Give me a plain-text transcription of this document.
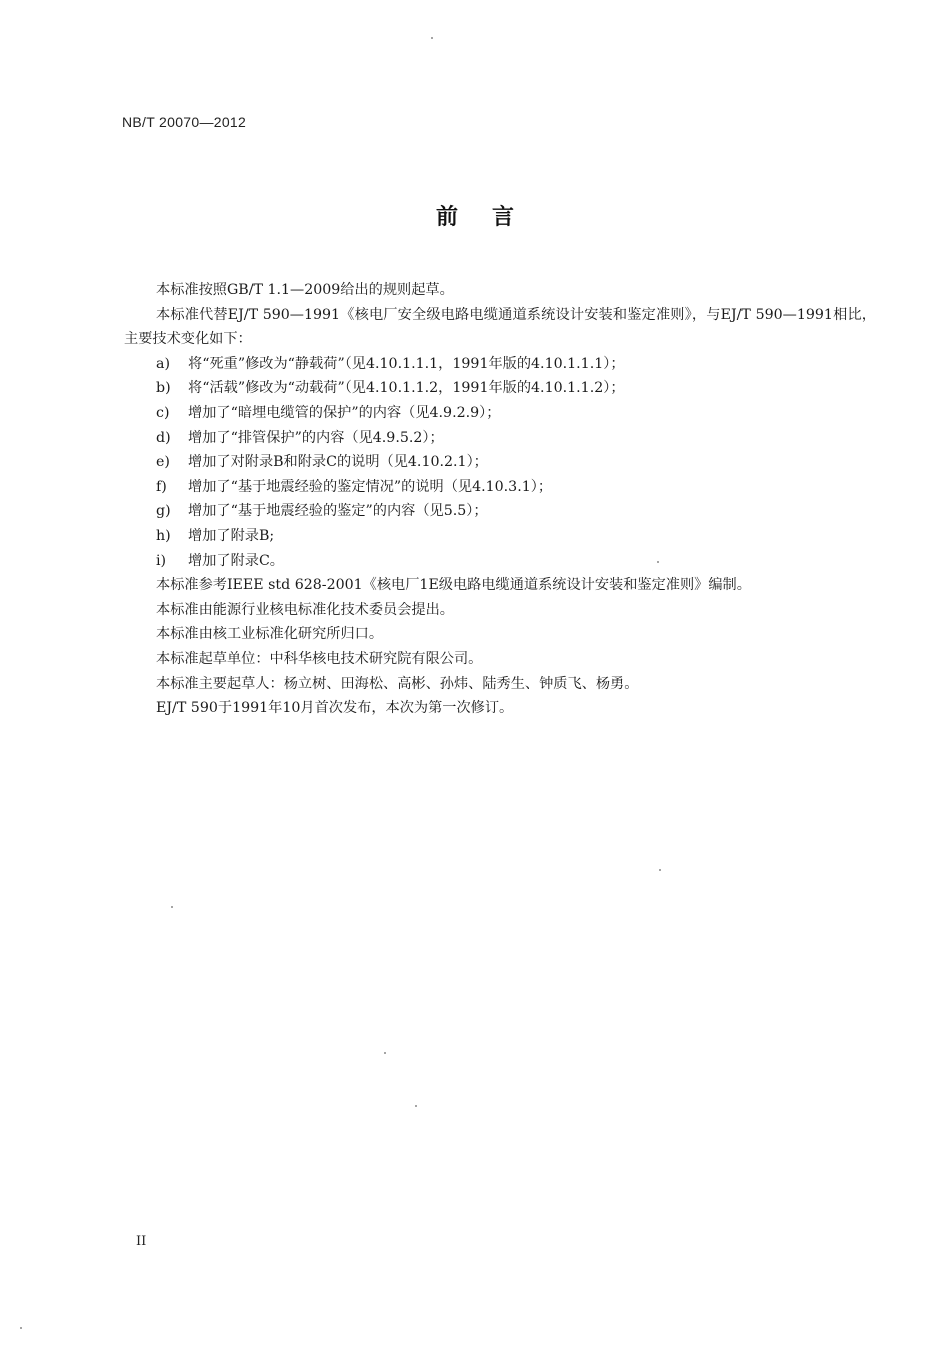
NB/T 20070—2012
前言

本标准按照GB/T 1.1—2009给出的规则起草。

本标准代替EJ/T 590—1991《核电厂安全级电路电缆通道系统设计安装和鉴定准则》，与EJ/T 590—1991相比，主要技术变化如下：

a) 将“死重”修改为“静载荷”（见4.10.1.1.1，1991年版的4.10.1.1.1）；

b) 将“活载”修改为“动载荷”（见4.10.1.1.2，1991年版的4.10.1.1.2）；

c) 增加了“暗埋电缆管的保护”的内容（见4.9.2.9）；

d) 增加了“排管保护”的内容（见4.9.5.2）；

e) 增加了对附录B和附录C的说明（见4.10.2.1）；

f) 增加了“基于地震经验的鉴定情况”的说明（见4.10.3.1）；

g) 增加了“基于地震经验的鉴定”的内容（见5.5）；

h) 增加了附录B;

i) 增加了附录C。

本标准参考IEEE std 628-2001《核电厂1E级电路电缆通道系统设计安装和鉴定准则》编制。

本标准由能源行业核电标准化技术委员会提出。

本标准由核工业标准化研究所归口。

本标准起草单位：中科华核电技术研究院有限公司。

本标准主要起草人：杨立树、田海松、高彬、孙炜、陆秀生、钟质飞、杨勇。

EJ/T 590于1991年10月首次发布，本次为第一次修订。

II
